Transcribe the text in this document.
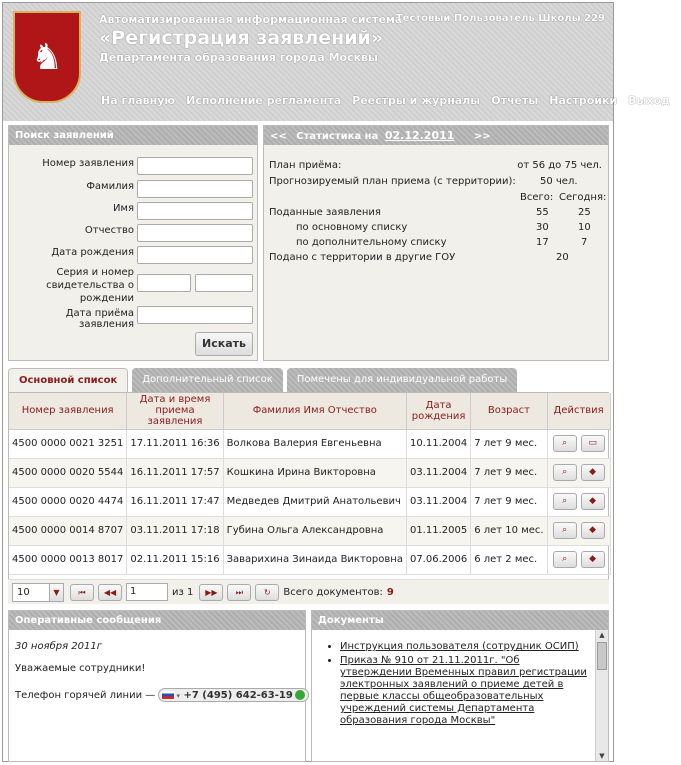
♞
Автоматизированная информационная система
«Регистрация заявлений»
Департамента образования города Москвы
Тестовый Пользователь Школы 229
На главную Исполнение регламента Реестры и журналы Отчеты Настройки Выход
Поиск заявлений
Номер заявления
Фамилия
Имя
Отчество
Дата рождения
Серия и номер
свидетельства о
рождении
Дата приёма заявления
Искать
<< Статистика на 02.12.2011 >>
План приёма:	от 56 до 75 чел.
Прогнозируемый план приема (с территории): 50 чел.
Всего: Сегодня:
Поданные заявления	55	25
по основному списку	30	10
по дополнительному списку	17	7
Подано с территории в другие ГОУ	20
Основной список	Дополнительный список	Помечены для индивидуальной работы
Номер заявления	Дата и время приема заявления	Фамилия Имя Отчество	Дата рождения	Возраст	Действия
4500 0000 0021 3251	17.11.2011 16:36	Волкова Валерия Евгеньевна	10.11.2004	7 лет 9 мес.	⌕ ▭
4500 0000 0020 5544	16.11.2011 17:57	Кошкина Ирина Викторовна	03.11.2004	7 лет 9 мес.	⌕ ◆
4500 0000 0020 4474	16.11.2011 17:47	Медведев Дмитрий Анатольевич	03.11.2004	7 лет 9 мес.	⌕ ◆
4500 0000 0014 8707	03.11.2011 17:18	Губина Ольга Александровна	01.11.2005	6 лет 10 мес.	⌕ ◆
4500 0000 0013 8017	02.11.2011 15:16	Заварихина Зинаида Викторовна	07.06.2006	6 лет 2 мес.	⌕ ◆
10	▼	⏮	◀◀	1	из 1	▶▶	⏭	↻	Всего документов: 9
Оперативные сообщения
30 ноября 2011г
Уважаемые сотрудники!
Телефон горячей линии —	▾ +7 (495) 642-63-19
Документы
• Инструкция пользователя (сотрудник ОСИП)
• Приказ № 910 от 21.11.2011г. "Об утверждении Временных правил регистрации электронных заявлений о приеме детей в первые классы общеобразовательных учреждений системы Департамента образования города Москвы"
▲
▼
